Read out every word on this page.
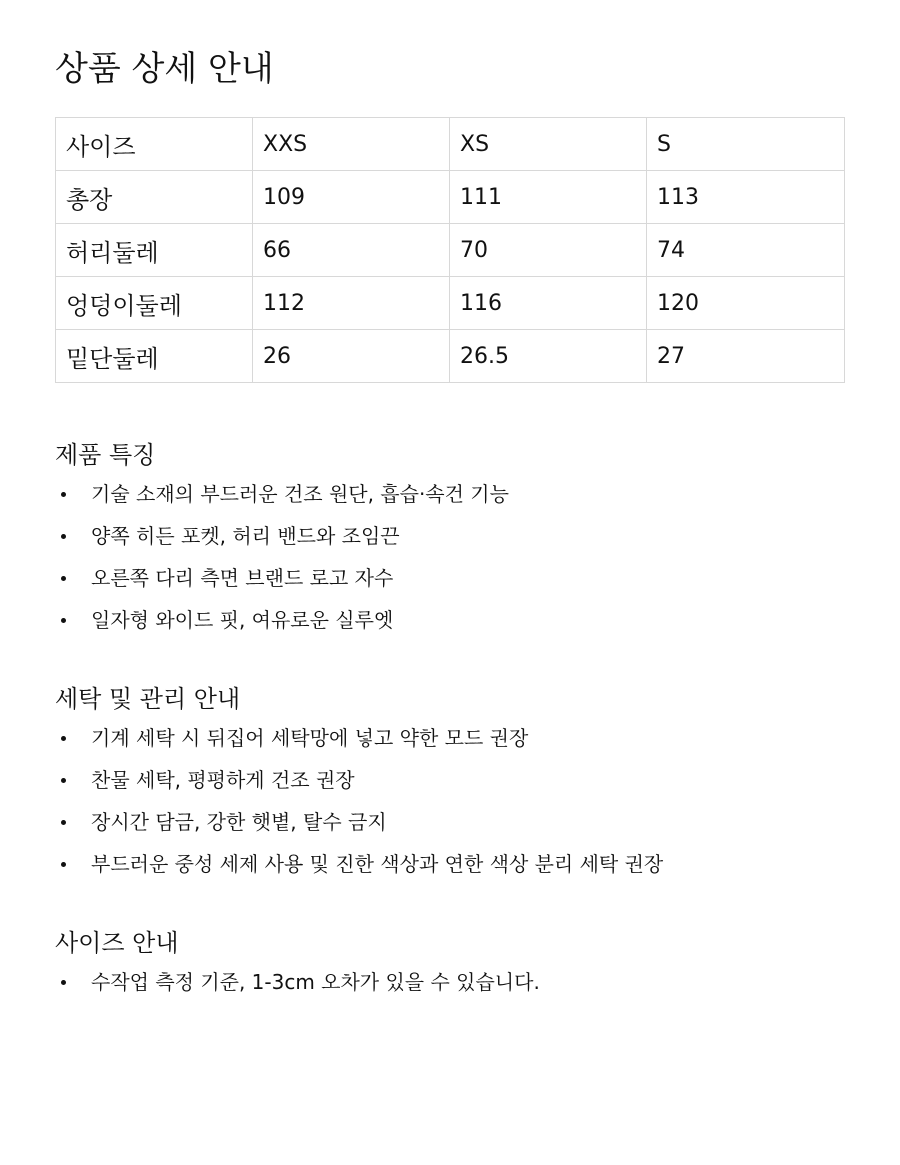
상품 상세 안내
사이즈	XXS	XS	S
총장	109	111	113
허리둘레	66	70	74
엉덩이둘레	112	116	120
밑단둘레	26	26.5	27
제품 특징
기술 소재의 부드러운 건조 원단, 흡습·속건 기능
양쪽 히든 포켓, 허리 밴드와 조임끈
오른쪽 다리 측면 브랜드 로고 자수
일자형 와이드 핏, 여유로운 실루엣
세탁 및 관리 안내
기계 세탁 시 뒤집어 세탁망에 넣고 약한 모드 권장
찬물 세탁, 평평하게 건조 권장
장시간 담금, 강한 햇볕, 탈수 금지
부드러운 중성 세제 사용 및 진한 색상과 연한 색상 분리 세탁 권장
사이즈 안내
수작업 측정 기준, 1-3cm 오차가 있을 수 있습니다.
